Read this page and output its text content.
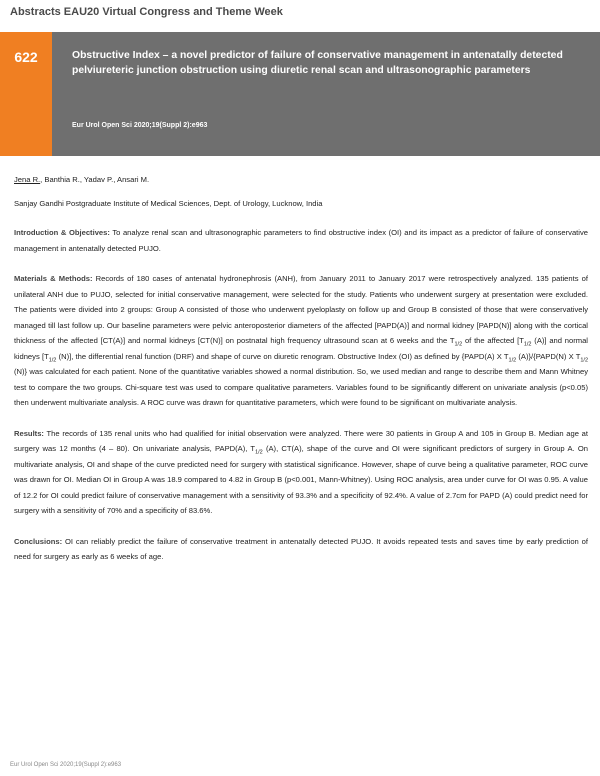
Abstracts EAU20 Virtual Congress and Theme Week
622	Obstructive Index – a novel predictor of failure of conservative management in antenatally detected pelviureteric junction obstruction using diuretic renal scan and ultrasonographic parameters
Eur Urol Open Sci 2020;19(Suppl 2):e963

Jena R., Banthia R., Yadav P., Ansari M.

Sanjay Gandhi Postgraduate Institute of Medical Sciences, Dept. of Urology, Lucknow, India

Introduction & Objectives: To analyze renal scan and ultrasonographic parameters to find obstructive index (OI) and its impact as a predictor of failure of conservative management in antenatally detected PUJO.

Materials & Methods: Records of 180 cases of antenatal hydronephrosis (ANH), from January 2011 to January 2017 were retrospectively analyzed. 135 patients of unilateral ANH due to PUJO, selected for initial conservative management, were selected for the study. Patients who underwent surgery at presentation were excluded. The patients were divided into 2 groups: Group A consisted of those who underwent pyeloplasty on follow up and Group B consisted of those that were conservatively managed till last follow up. Our baseline parameters were pelvic anteroposterior diameters of the affected [PAPD(A)] and normal kidney [PAPD(N)] along with the cortical thickness of the affected [CT(A)] and normal kidneys [CT(N)] on postnatal high frequency ultrasound scan at 6 weeks and the $T_{1/2}$ of the affected [$T_{1/2}$ (A)] and normal kidneys [$T_{1/2}$ (N)], the differential renal function (DRF) and shape of curve on diuretic renogram. Obstructive Index (OI) as defined by {PAPD(A) X $T_{1/2}$ (A)}/{PAPD(N) X $T_{1/2}$ (N)} was calculated for each patient. None of the quantitative variables showed a normal distribution. So, we used median and range to describe them and Mann Whitney test to compare the two groups. Chi-square test was used to compare qualitative parameters. Variables found to be significantly different on univariate analysis (p<0.05) then underwent multivariate analysis. A ROC curve was drawn for quantitative parameters, which were found to be significant on multivariate analysis.

Results: The records of 135 renal units who had qualified for initial observation were analyzed. There were 30 patients in Group A and 105 in Group B. Median age at surgery was 12 months (4 – 80). On univariate analysis, PAPD(A), $T_{1/2}$ (A), CT(A), shape of the curve and OI were significant predictors of surgery in Group A. On multivariate analysis, OI and shape of the curve predicted need for surgery with statistical significance. However, shape of curve being a qualitative parameter, ROC curve was drawn for OI. Median OI in Group A was 18.9 compared to 4.82 in Group B (p<0.001, Mann-Whitney). Using ROC analysis, area under curve for OI was 0.95. A value of 12.2 for OI could predict failure of conservative management with a sensitivity of 93.3% and a specificity of 92.4%. A value of 2.7cm for PAPD (A) could predict need for surgery with a sensitivity of 70% and a specificity of 83.6%.

Conclusions: OI can reliably predict the failure of conservative treatment in antenatally detected PUJO. It avoids repeated tests and saves time by early prediction of need for surgery as early as 6 weeks of age.

Eur Urol Open Sci 2020;19(Suppl 2):e963
